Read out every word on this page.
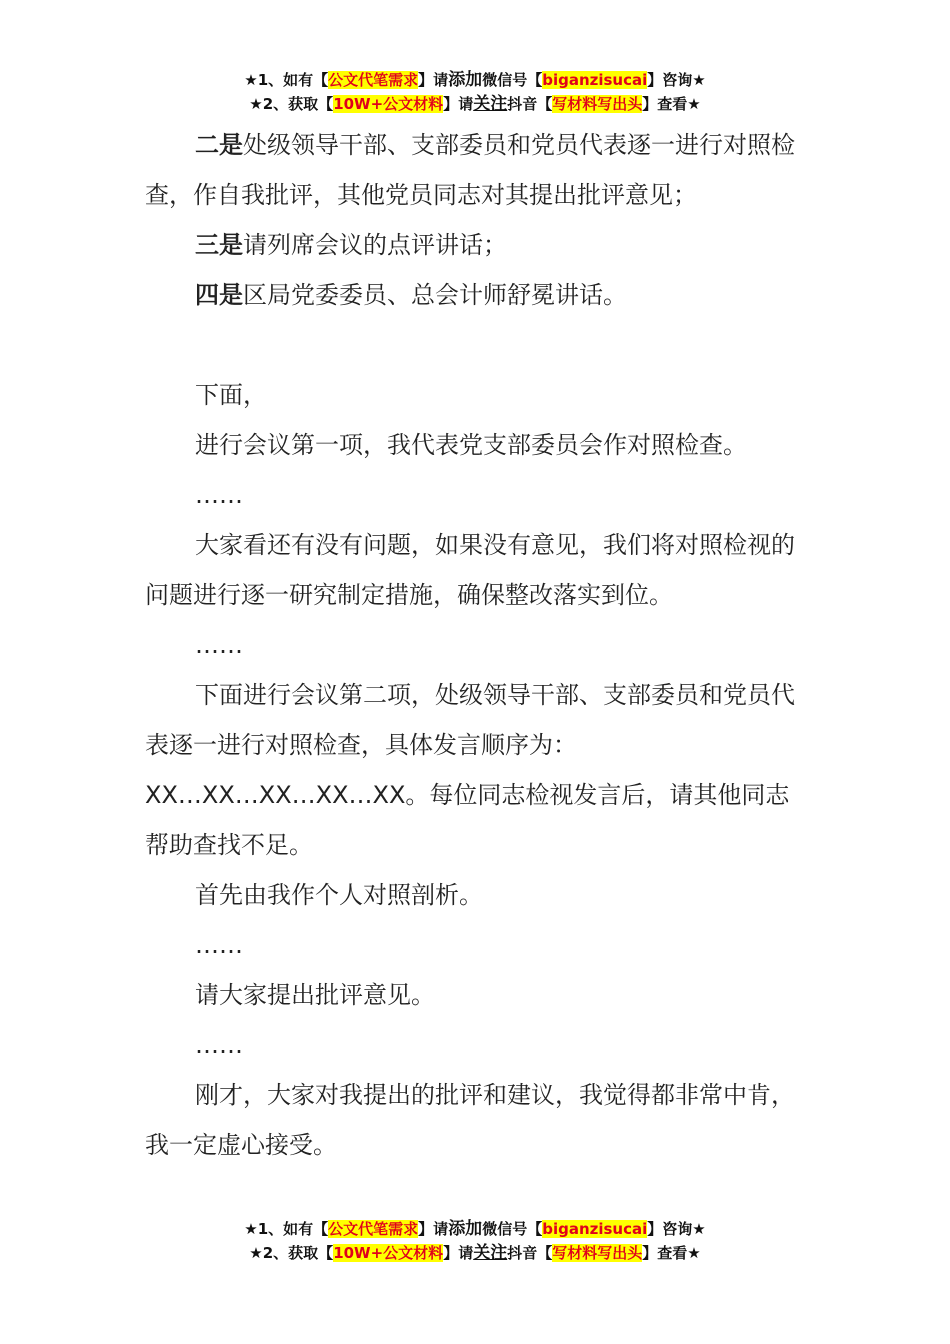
★1、如有【公文代笔需求】请添加微信号【biganzisucai】咨询★
★2、获取【10W+公文材料】请关注抖音【写材料写出头】查看★

二是处级领导干部、支部委员和党员代表逐一进行对照检查，作自我批评，其他党员同志对其提出批评意见；

三是请列席会议的点评讲话；

四是区局党委委员、总会计师舒冕讲话。

下面，

进行会议第一项，我代表党支部委员会作对照检查。

……

大家看还有没有问题，如果没有意见，我们将对照检视的问题进行逐一研究制定措施，确保整改落实到位。

……

下面进行会议第二项，处级领导干部、支部委员和党员代表逐一进行对照检查，具体发言顺序为：

XX…XX…XX…XX…XX。每位同志检视发言后，请其他同志帮助查找不足。

首先由我作个人对照剖析。

……

请大家提出批评意见。

……

刚才，大家对我提出的批评和建议，我觉得都非常中肯，我一定虚心接受。

★1、如有【公文代笔需求】请添加微信号【biganzisucai】咨询★
★2、获取【10W+公文材料】请关注抖音【写材料写出头】查看★
